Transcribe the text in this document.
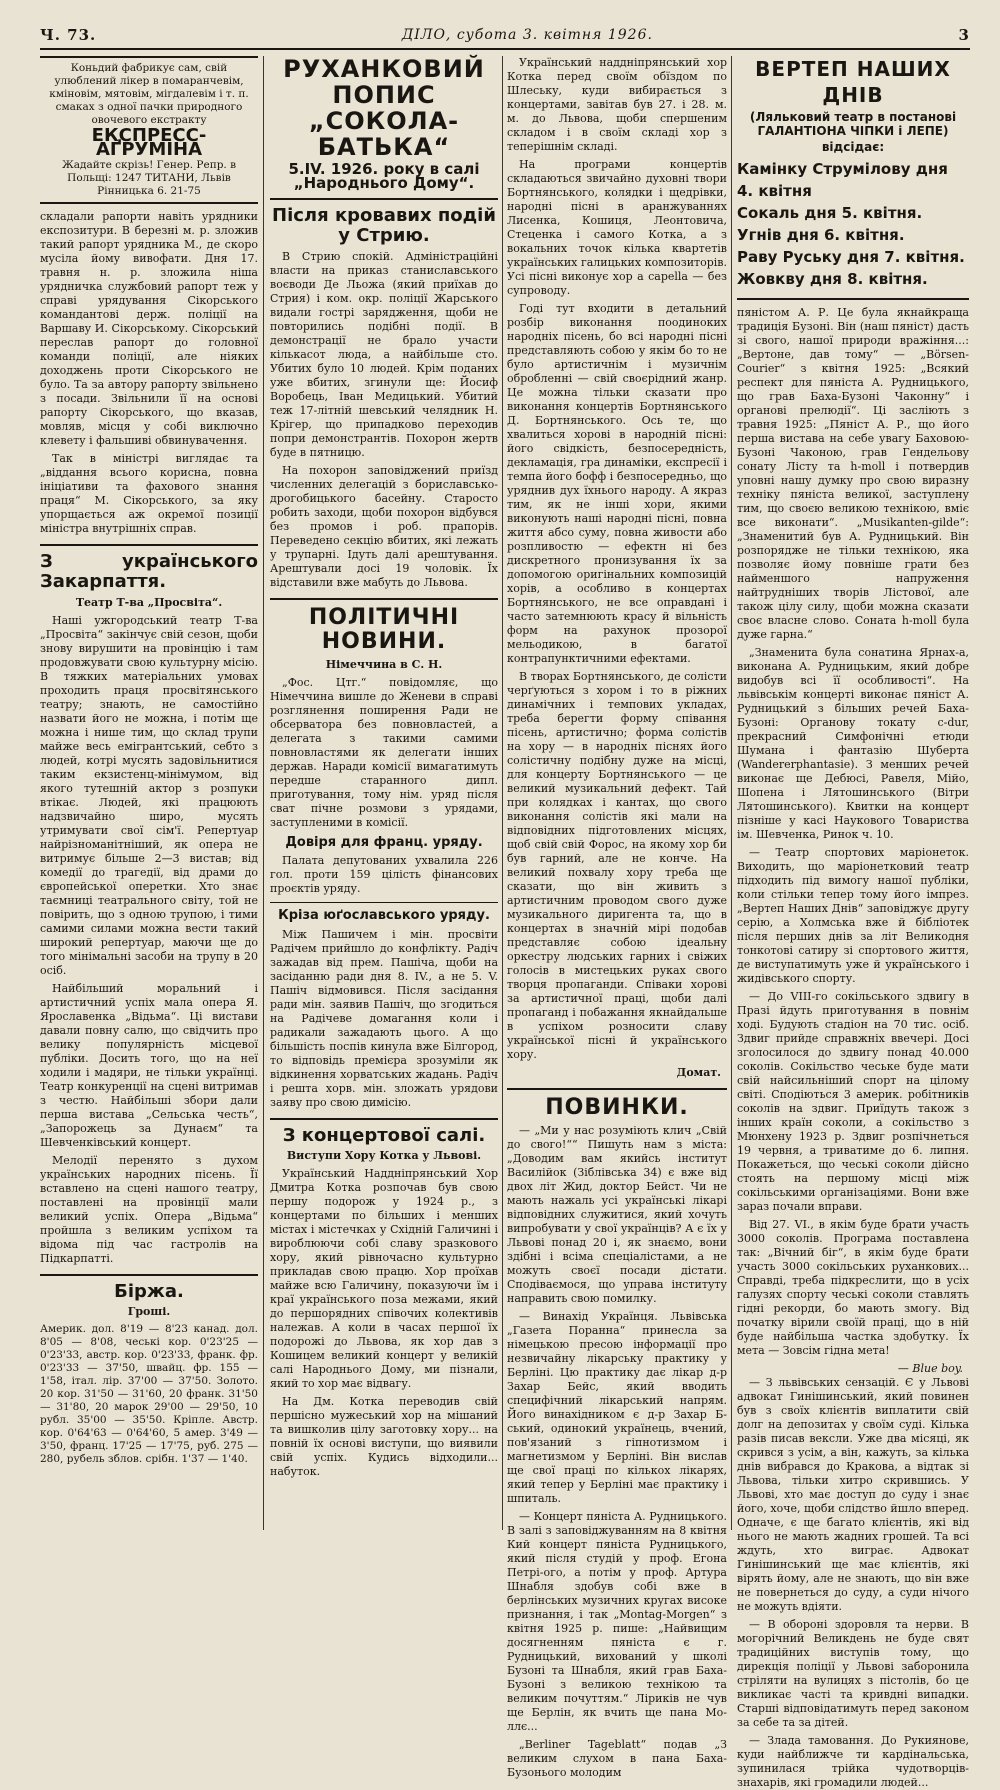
Ч. 73.	ДІЛО, субота 3. квітня 1926.	3
Коньдий фабрикує сам, свій улюблений лікер в помаранчевім, кміновім, мятовім, мігдалевім і т. п. смаках з одної пачки природного овочевого екстракту
ЕКСПРЕСС-АҐРУМІНА
Жадайте скрізь! Генер. Репр. в Польщі: 1247 ТИТАНИ, Львів Рінницька 6. 21-75

складали рапорти навіть урядники експозитури. В березні м. р. зложив такий рапорт урядника М., де скоро мусіла йому вивофати. Дня 17. травня н. р. зложила ніша урядничка службовий рапорт теж у справі урядування Сікорського командантові держ. поліції на Варшаву И. Сікорському. Сікорський переслав рапорт до головної команди поліції, але ніяких доходжень проти Сікорського не було. Та за автору рапорту звільнено з посади. Звільнили її на основі рапорту Сікорського, що вказав, мовляв, місця у собі виключно клевету і фальшиві обвинувачення.

Так в міністрі виглядає та „віддання всього корисна, повна ініціативи та фахового знання праця“ М. Сікорського, за яку упорщається аж окремої позиції міністра внутрішніх справ.

З українського Закарпаття.
Театр Т-ва „Просвіта“.

Наші ужгородський театр Т-ва „Просвіта“ закінчує свій сезон, щоби знову вирушити на провінцію і там продовжувати свою культурну місію. В тяжких матеріальних умовах проходить праця просвітянського театру; знають, не самостійно назвати його не можна, і потім ще можна і нише тим, що склад трупи майже весь емігрантський, себто з людей, котрі мусять задовільнитися таким екзистенц-мінімумом, від якого тутешній актор з розпуки втікає. Людей, які працюють надзвичайно широ, мусять утримувати свої сім'ї. Репертуар найрізноманітніший, як опера не витримує більше 2—3 вистав; від комедії до трагедії, від драми до європейської оперетки. Хто знає таємниці театрального світу, той не повірить, що з одною трупою, і тими самими силами можна вести такий широкий репертуар, маючи ще до того мінімальні засоби на трупу в 20 осіб.

Найбільший моральний і артистичний успіх мала опера Я. Ярославенка „Відьма“. Ці вистави давали повну салю, що свідчить про велику популярність місцевої публіки. Досить того, що на неї ходили і мадяри, не тільки українці. Театр конкуренції на сцені витримав з честю. Найбільші збори дали перша вистава „Сельська честь“, „Запорожець за Дунаєм“ та Шевченківський концерт.

Мелодії перенято з духом українських народних пісень. Її вставлено на сцені нашого театру, поставлені на провінції мали великий успіх. Опера „Відьма“ пройшла з великим успіхом та відома під час гастролів на Підкарпатті.

Біржа.
Гроші.
Америк. дол. 8'19 — 8'23 канад. дол. 8'05 — 8'08, чеські кор. 0'23'25 — 0'23'33, австр. кор. 0'23'33, франк. фр. 0'23'33 — 37'50, швайц. фр. 155 — 1'58, італ. лір. 37'00 — 37'50. Золото. 20 кор. 31'50 — 31'60, 20 франк. 31'50 — 31'80, 20 марок 29'00 — 29'50, 10 рубл. 35'00 — 35'50. Кріпле. Австр. кор. 0'64'63 — 0'64'60, 5 амер. 3'49 — 3'50, франц. 17'25 — 17'75, руб. 275 — 280, рубель зблов. срібн. 1'37 — 1'40.
РУХАНКОВИЙ ПОПИС „СОКОЛА-БАТЬКА“
5.IV. 1926. року в салі „Народнього Дому“.
Після кровавих подій у Стрию.

В Стрию спокій. Адміністраційні власти на приказ станиславського воєводи Де Льожа (який приїхав до Стрия) і ком. окр. поліції Жарського видали гострі зарядження, щоби не повторились подібні події. В демонстрації не брало участи кількасот люда, а найбільше сто. Убитих було 10 людей. Крім поданих уже вбитих, згинули ще: Йосиф Воробець, Іван Медицький. Убитий теж 17-літній шевський челядник Н. Крігер, що припадково переходив попри демонстрантів. Похорон жертв буде в пятницю.

На похорон заповіджений приїзд численних делегацій з бориславсько-дрогобицького басейну. Старосто робить заходи, щоби похорон відбувся без промов і роб. прапорів. Переведено секцію вбитих, які лежать у трупарні. Ідуть далі арештування. Арештували досі 19 чоловік. Їх відставили вже мабуть до Львова.

ПОЛІТИЧНІ НОВИНИ.
Німеччина в С. Н.

„Фос. Цтг.“ повідомляє, що Німеччина вишле до Женеви в справі розглянення поширення Ради не обсерватора без повновластей, а делегата з такими самими повновластями як делегати інших держав. Наради комісії вимагатимуть передше старанного дипл. приготування, тому нім. уряд після сват пічне розмови з урядами, заступленими в комісії.

Довіря для франц. уряду.

Палата депутованих ухвалила 226 гол. проти 159 цілість фінансових проєктів уряду.

Кріза юґославського уряду.

Між Пашичем і мін. просвіти Радічем прийшло до конфлікту. Радіч зажадав від прем. Пашіча, щоби на засіданню ради дня 8. IV., а не 5. V. Пашіч відмовився. Після засідання ради мін. заявив Пашіч, що згодиться на Радічеве домагання коли і радикали зажадають цього. А що більшість поспів кинула вже Білгород, то відповідь премієра зрозуміли як відкинення хорватських жадань. Радіч і решта хорв. мін. зложать урядови заяву про свою димісію.

З концертової салі.
Виступи Хору Котка у Львові.

Український Наддніпрянський Хор Дмитра Котка розпочав був свою першу подорож у 1924 р., з концертами по більших і менших містах і містечках у Східній Галичині і вироблюючи собі славу зразкового хору, який рівночасно культурно прикладав свою працю. Хор проїхав майже всю Галичину, показуючи їм і краї українського поза межами, який до першорядних співочих колективів належав. А коли в часах першої їх подорожі до Львова, як хор дав з Кошицем великий концерт у великій салі Народнього Дому, ми пізнали, який то хор має відвагу.

На Дм. Котка переводив свій першісно мужеський хор на мішаний та вишколив цілу заготовку хору... на повній їх основі виступи, що виявили свій успіх. Кудись відходили... набуток.

Український наддніпрянський хор Котка перед своїм обїздом по Шлеську, куди вибирається з концертами, завітав був 27. і 28. м. м. до Львова, щоби спершеним складом і в своїм складі хор з теперішнім складі.

На програми концертів складаються звичайно духовні твори Бортнянського, колядки і щедрівки, народні пісні в аранжуваннях Лисенка, Кошиця, Леонтовича, Стеценка і самого Котка, а з вокальних точок кілька квартетів українських галицьких композиторів. Усі пісні виконує хор а capella — без супроводу.

Годі тут входити в детальний розбір виконання поодиноких народніх пісень, бо всі народні пісні представляють собою у якім бо то не було артистичнім і музичнім обробленні — свій своєрідний жанр. Це можна тільки сказати про виконання концертів Бортнянського Д. Бортнянського. Ось те, що хвалиться хорові в народній пісні: його свідкість, безпосередність, декламація, гра динаміки, експресії і темпа його бофф і безпосередньо, що уряднив дух їхнього народу. А якраз тим, як не інші хори, якими виконують наші народні пісні, повна життя абсо суму, повна живости або розпливостю — ефектн ні без дискретного пронизування їх за допомогою оригінальних композицій хорів, а особливо в концертах Бортнянського, не все оправдані і часто затемнюють красу й вільність форм на рахунок прозорої мельодикою, в багатої контрапунктичними ефектами.

В творах Бортнянського, де солісти черґуються з хором і то в ріжних динамічних і темпових укладах, треба берегти форму співання пісень, артистично; форма солістів на хору — в народніх піснях його солістичну подібну дуже на місці, для концерту Бортнянського — це великий музикальний дефект. Тай при колядках і кантах, що свого виконання солістів які мали на відповідних підготовлених місцях, щоб свій свій Форос, на якому хор би був гарний, але не конче. На великий похвалу хору треба ще сказати, що він живить з артистичним проводом свого дуже музикального диригента та, що в концертах в значній мірі подобав представляє собою ідеальну оркестру людських гарних і свіжих голосів в мистецьких руках свого творця пропаганди. Співаки хорові за артистичної праці, щоби далі пропаганд і побажання якнайдальше в успіхом розносити славу української пісні й українського хору.

Домат.
ПОВИНКИ.

— „Ми у нас розуміють клич „Свій до свого!““ Пишуть нам з міста: „Доводим вам якийсь інститут Василійок (Зіблівська 34) є вже від двох літ Жид, доктор Бейст. Чи не мають нажаль усі українські лікарі відповідних служитися, який хочуть випробувати у свої українців? А є їх у Львові понад 20 і, як знаємо, вони здібні і всіма спеціалістами, а не можуть своєї посади дістати. Сподіваємося, що управа інституту направить свою помилку.

— Винахід Українця. Львівська „Газета Поранна“ принесла за німецькою пресою інформації про незвичайну лікарську практику у Берліні. Цю практику дає лікар д-р Захар Бейс, який вводить специфічний лікарський напрям. Його винахідником є д-р Захар Б-ський, одинокий українець, вчений, пов'язаний з гіпнотизмом і магнетизмом у Берліні. Він вислав ще свої праці по кількох лікарях, який тепер у Берліні має практику і шпиталь.

— Концерт пяніста А. Рудницького. В залі з заповіджуванням на 8 квітня Кий концерт пяніста Рудницького, який після студій у проф. Егона Петрі-ого, а потім у проф. Артура Шнабля здобув собі вже в берлінських музичних кругах високе признання, і так „Montag-Morgen“ з квітня 1925 р. пише: „Найвищим досягненням пяніста є г. Рудницький, вихований у школі Бузоні та Шнабля, який грав Баха-Бузоні з великою технікою та великим почуттям.“ Ліриків не чув ще Берлін, як вчить ще пана Мо-ллє...

„Berliner Tageblatt“ подав „З великим слухом в пана Баха-Бузонього молодим

ВЕРТЕП НАШИХ ДНІВ
(Ляльковий театр в постанові ГАЛАНТІОНА ЧІПКИ і ЛЕПЕ)
відсідає:
Камінку Струмілову дня 4. квітня
Сокаль дня 5. квітня.
Угнів дня 6. квітня.
Раву Руську дня 7. квітня.
Жовкву дня 8. квітня.

пяністом А. Р. Це була якнайкраща традиція Бузоні. Він (наш пяніст) дасть зі свого, нашої природи вражіння...: „Вертоне, дав тому“ — „Börsen-Courier“ з квітня 1925: „Всякий респект для пяніста А. Рудницького, що грав Баха-Бузоні Чаконну“ і органові прелюдії“. Ці засліють з травня 1925: „Пяніст А. Р., що його перша вистава на себе увагу Баховою-Бузоні Чаконою, грав Гендельову сонату Лісту та h-moll і потвердив уповні нашу думку про свою виразну техніку пяніста великої, заступлену тим, що своєю великою технікою, вміє все виконати“. „Musikanten-gilde“: „Знаменитий був А. Рудницький. Він розпорядже не тільки технікою, яка позволяє йому повніше грати без найменшого напруження найтрудніших творів Лістової, але також цілу силу, щоби можна сказати своє власне слово. Соната h-moll була дуже гарна.“

„Знаменита була сонатина Ярнах-а, виконана А. Рудницьким, який добре видобув всі її особливості“. На львівськім концерті виконає пяніст А. Рудницький з більших речей Баха-Бузоні: Органову токату c-dur, прекрасний Симфонічні етюди Шумана і фантазію Шуберта (Wandererphantasie). З менших речей виконає ще Дебюсі, Равеля, Мійо, Шопена і Лятошинського (Вітри Лятошинського). Квитки на концерт пізніше у касі Наукового Товариства ім. Шевченка, Ринок ч. 10.

— Театр спортових маріонеток. Виходить, що маріонетковий театр підходить під вимогу нашої публіки, коли стільки тепер тому його імпрез. „Вертеп Наших Днів“ заповіджує другу серію, а Холмська вже й бібліотек після перших днів за літ Великодня тонкотові сатиру зі спортового життя, де виступатимуть уже й українського і жидівського спорту.

— До VIII-го сокільського здвигу в Празі йдуть приготування в повнім ході. Будують стадіон на 70 тис. осіб. Здвиг прийде справжніх ввечері. Досі зголосилося до здвигу понад 40.000 соколів. Сокільство чеське буде мати свій найсильніший спорт на цілому світі. Сподіються 3 америк. робітників соколів на здвиг. Приїдуть також з інших країн соколи, а сокільство з Мюнхену 1923 р. Здвиг розпічнеться 19 червня, а триватиме до 6. липня. Покажеться, що чеські соколи дійсно стоять на першому місці між сокільськими організаціями. Вони вже зараз почали вправи.

Від 27. VI., в якім буде брати участь 3000 соколів. Програма поставлена так: „Вічний біг“, в якім буде брати участь 3000 сокільських руханкових... Справді, треба підкреслити, що в усіх галузях спорту чеські соколи ставлять гідні рекорди, бо мають змогу. Від початку вірили своїй праці, що в ній буде найбільша частка здобутку. Їх мета — Зовсім гідна мета!

— Blue boy.

— З львівських сензацій. Є у Львові адвокат Гинішинський, який повинен був з своїх клієнтів виплатити свій долг на депозитах у своїм суді. Кілька разів писав вексли. Уже два місяці, як скрився з усім, а він, кажуть, за кілька днів вибрався до Кракова, а відтак зі Львова, тільки хитро скрившись. У Львові, хто має доступ до суду і знає його, хоче, щоби слідство йшло вперед. Одначе, є ще багато клієнтів, які від нього не мають жадних грошей. Та всі ждуть, хто виграє. Адвокат Гинішинський ще має клієнтів, які вірять йому, але не знають, що він вже не повернеться до суду, а суди нічого не можуть вдіяти.

— В обороні здоровля та нерви. В могорічний Великдень не буде свят традиційних виступів тому, що дирекція поліції у Львові заборонила стріляти на вулицях з пістолів, бо це викликає часті та кривдні випадки. Старші відповідатимуть перед законом за себе та за дітей.

— Злада тамовання. До Рукиянове, куди найближче ти кардінальська, зупинилася трійка чудотворців-знахарів, які громадили людей...
